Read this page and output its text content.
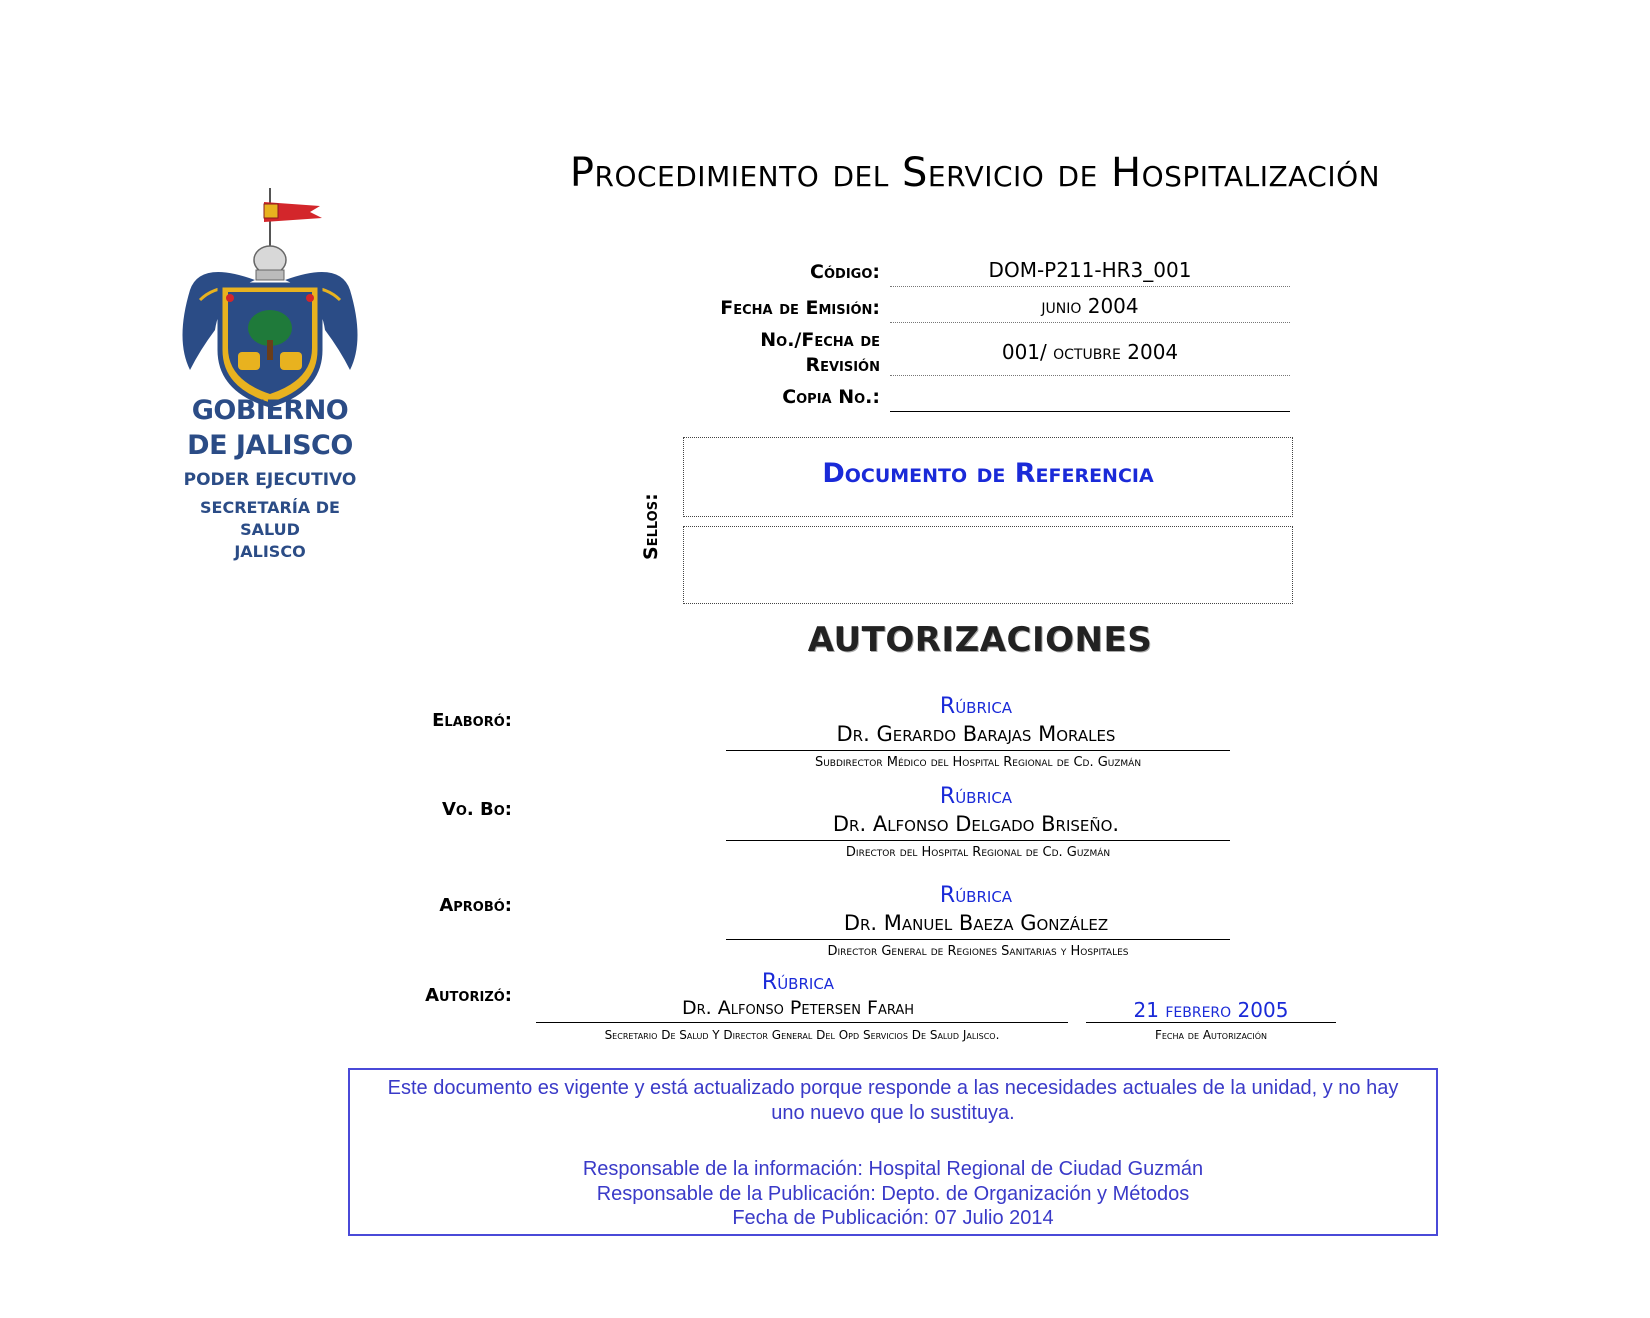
Procedimiento del Servicio de Hospitalización
GOBIERNO
DE JALISCO
PODER EJECUTIVO
SECRETARÍA DE
SALUD
JALISCO
Código:	DOM-P211-HR3_001
Fecha de Emisión:	junio 2004
No./Fecha de
Revisión
001/ octubre 2004
Copia No.:
Sellos:
Documento de Referencia
AUTORIZACIONES
Elaboró:
Rúbrica
Dr. Gerardo Barajas Morales
Subdirector Médico del Hospital Regional de Cd. Guzmán
Vo. Bo:
Rúbrica
Dr. Alfonso Delgado Briseño.
Director del Hospital Regional de Cd. Guzmán
Aprobó:	Rúbrica
Dr. Manuel Baeza González
Director General de Regiones Sanitarias y Hospitales
Autorizó:
Rúbrica
Dr. Alfonso Petersen Farah
Secretario De Salud Y Director General Del Opd Servicios De Salud Jalisco.
21 febrero 2005
Fecha de Autorización
Este documento es vigente y está actualizado porque responde a las necesidades actuales de la unidad, y no hay uno nuevo que lo sustituya.
Responsable de la información: Hospital Regional de Ciudad Guzmán
Responsable de la Publicación: Depto. de Organización y Métodos
Fecha de Publicación: 07 Julio 2014
